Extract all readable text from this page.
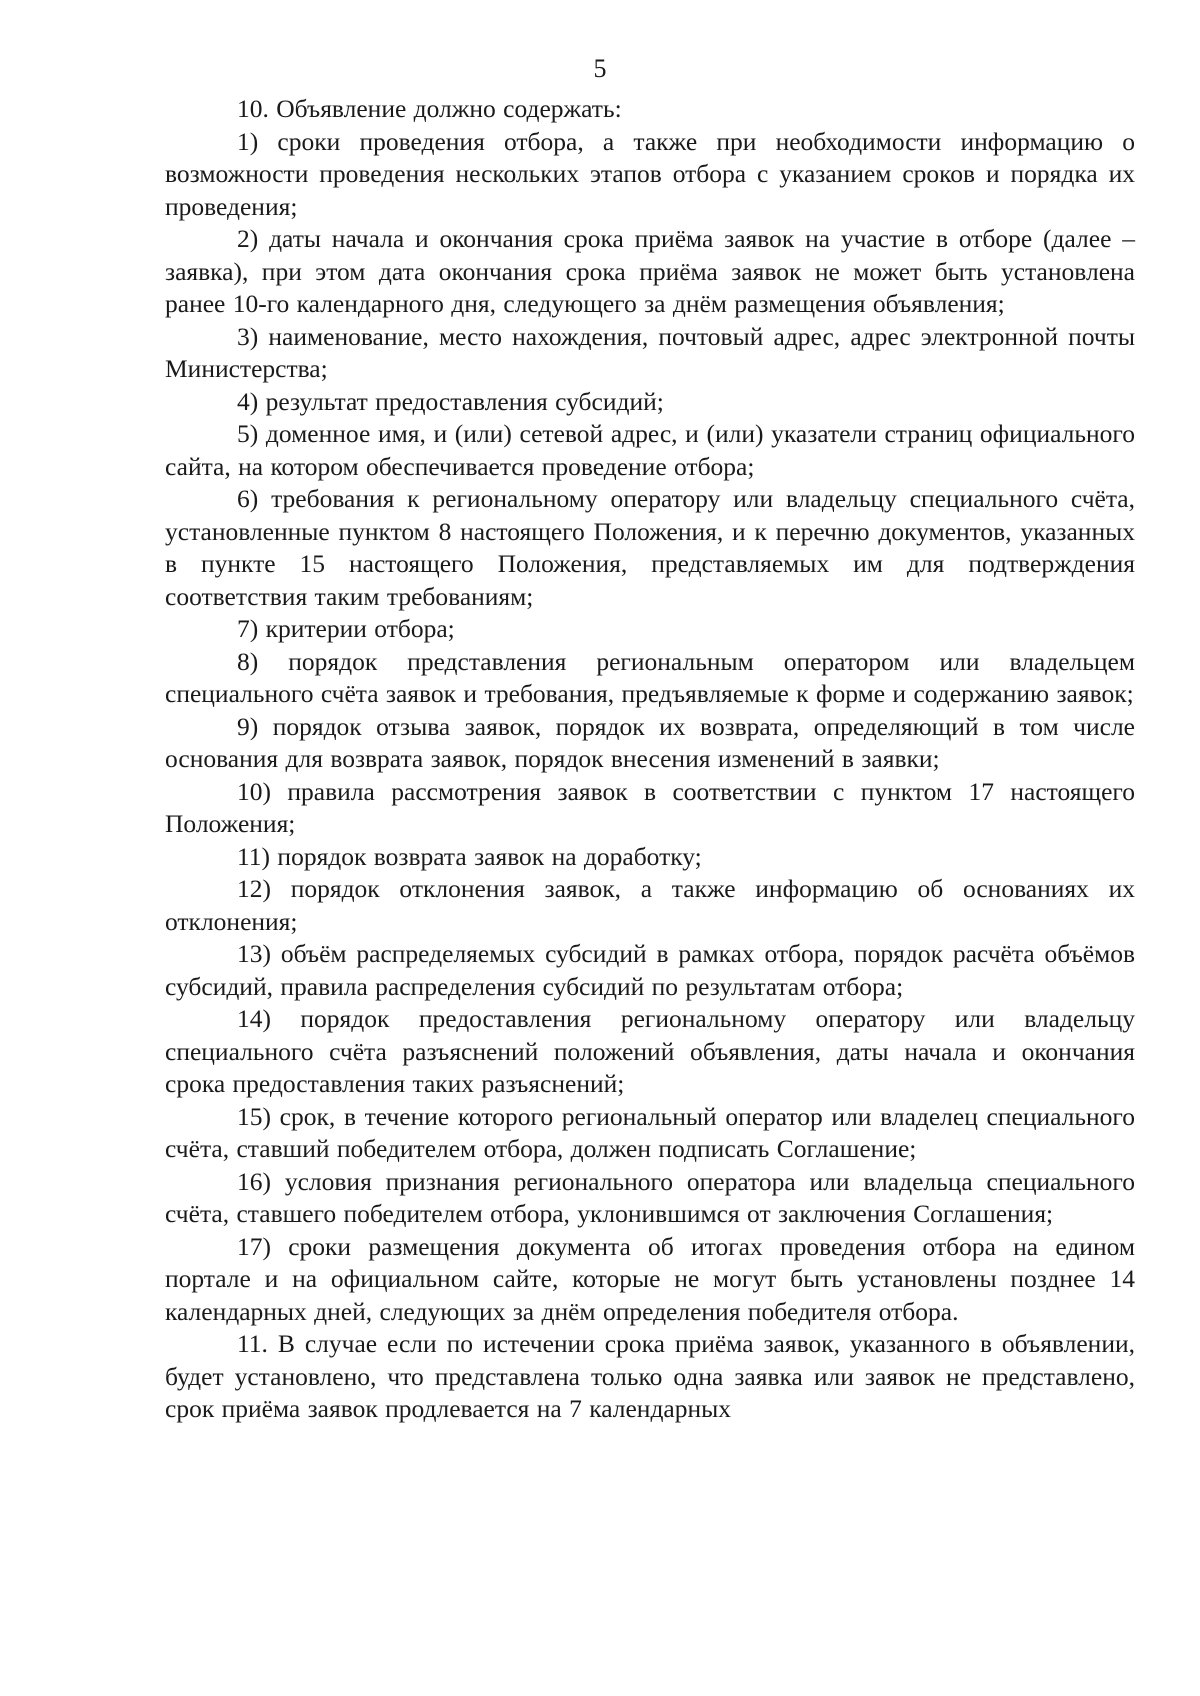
5

10. Объявление должно содержать:

1) сроки проведения отбора, а также при необходимости информацию о возможности проведения нескольких этапов отбора с указанием сроков и порядка их проведения;

2) даты начала и окончания срока приёма заявок на участие в отборе (далее – заявка), при этом дата окончания срока приёма заявок не может быть установлена ранее 10-го календарного дня, следующего за днём размещения объявления;

3) наименование, место нахождения, почтовый адрес, адрес электронной почты Министерства;

4) результат предоставления субсидий;

5) доменное имя, и (или) сетевой адрес, и (или) указатели страниц официального сайта, на котором обеспечивается проведение отбора;

6) требования к региональному оператору или владельцу специального счёта, установленные пунктом 8 настоящего Положения, и к перечню документов, указанных в пункте 15 настоящего Положения, представляемых им для подтверждения соответствия таким требованиям;

7) критерии отбора;

8) порядок представления региональным оператором или владельцем специального счёта заявок и требования, предъявляемые к форме и содержанию заявок;

9) порядок отзыва заявок, порядок их возврата, определяющий в том числе основания для возврата заявок, порядок внесения изменений в заявки;

10) правила рассмотрения заявок в соответствии с пунктом 17 настоящего Положения;

11) порядок возврата заявок на доработку;

12) порядок отклонения заявок, а также информацию об основаниях их отклонения;

13) объём распределяемых субсидий в рамках отбора, порядок расчёта объёмов субсидий, правила распределения субсидий по результатам отбора;

14) порядок предоставления региональному оператору или владельцу специального счёта разъяснений положений объявления, даты начала и окончания срока предоставления таких разъяснений;

15) срок, в течение которого региональный оператор или владелец специального счёта, ставший победителем отбора, должен подписать Соглашение;

16) условия признания регионального оператора или владельца специального счёта, ставшего победителем отбора, уклонившимся от заключения Соглашения;

17) сроки размещения документа об итогах проведения отбора на едином портале и на официальном сайте, которые не могут быть установлены позднее 14 календарных дней, следующих за днём определения победителя отбора.

11. В случае если по истечении срока приёма заявок, указанного в объявлении, будет установлено, что представлена только одна заявка или заявок не представлено, срок приёма заявок продлевается на 7 календарных
